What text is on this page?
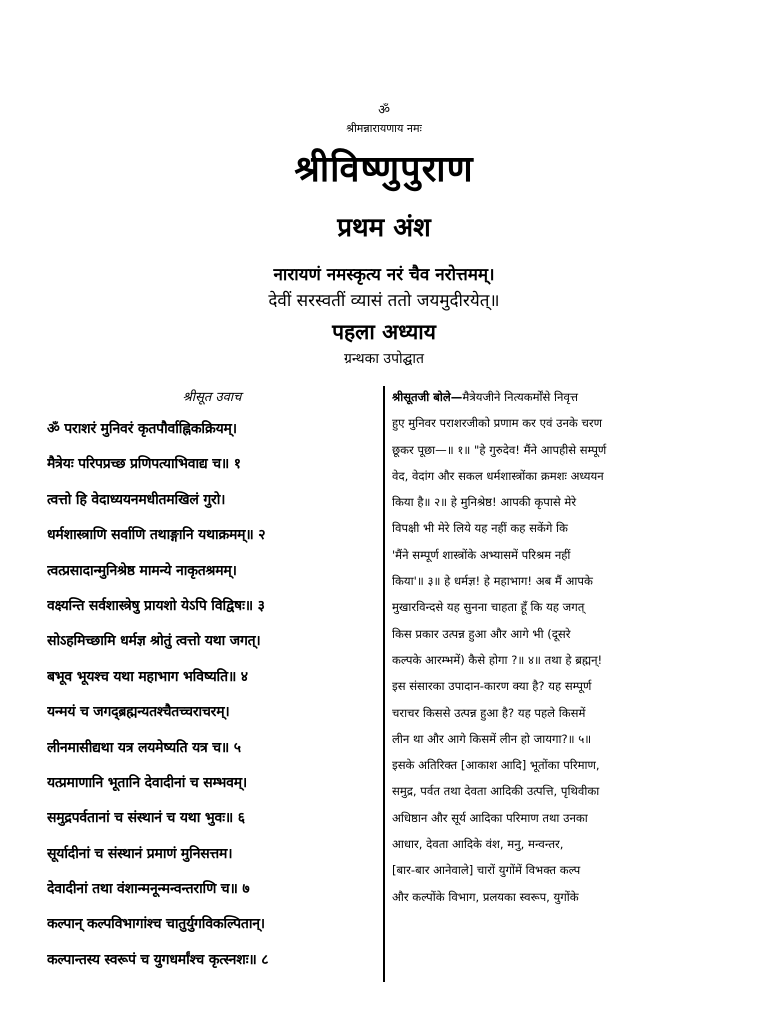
ॐ
श्रीमन्नारायणाय नमः
श्रीविष्णुपुराण
प्रथम अंश
नारायणं नमस्कृत्य नरं चैव नरोत्तमम्।
देवीं सरस्वतीं व्यासं ततो जयमुदीरयेत्॥
पहला अध्याय
ग्रन्थका उपोद्घात
श्रीसूत उवाच
ॐ पराशरं मुनिवरं कृतपौर्वाह्निकक्रियम्।
मैत्रेयः परिपप्रच्छ प्रणिपत्याभिवाद्य च॥ १
त्वत्तो हि वेदाध्ययनमधीतमखिलं गुरो।
धर्मशास्त्राणि सर्वाणि तथाङ्गानि यथाक्रमम्॥ २
त्वत्प्रसादान्मुनिश्रेष्ठ मामन्ये नाकृतश्रमम्।
वक्ष्यन्ति सर्वशास्त्रेषु प्रायशो येऽपि विद्विषः॥ ३
सोऽहमिच्छामि धर्मज्ञ श्रोतुं त्वत्तो यथा जगत्।
बभूव भूयश्च यथा महाभाग भविष्यति॥ ४
यन्मयं च जगद्ब्रह्मन्यतश्चैतच्चराचरम्।
लीनमासीद्यथा यत्र लयमेष्यति यत्र च॥ ५
यत्प्रमाणानि भूतानि देवादीनां च सम्भवम्।
समुद्रपर्वतानां च संस्थानं च यथा भुवः॥ ६
सूर्यादीनां च संस्थानं प्रमाणं मुनिसत्तम।
देवादीनां तथा वंशान्मनून्मन्वन्तराणि च॥ ७
कल्पान् कल्पविभागांश्च चातुर्युगविकल्पितान्।
कल्पान्तस्य स्वरूपं च युगधर्मांश्च कृत्स्नशः॥ ८
श्रीसूतजी बोले—मैत्रेयजीने नित्यकर्मोंसे निवृत्त
हुए मुनिवर पराशरजीको प्रणाम कर एवं उनके चरण
छूकर पूछा—॥ १॥ "हे गुरुदेव! मैंने आपहीसे सम्पूर्ण
वेद, वेदांग और सकल धर्मशास्त्रोंका क्रमशः अध्ययन
किया है॥ २॥ हे मुनिश्रेष्ठ! आपकी कृपासे मेरे
विपक्षी भी मेरे लिये यह नहीं कह सकेंगे कि
'मैंने सम्पूर्ण शास्त्रोंके अभ्यासमें परिश्रम नहीं
किया'॥ ३॥ हे धर्मज्ञ! हे महाभाग! अब मैं आपके
मुखारविन्दसे यह सुनना चाहता हूँ कि यह जगत्
किस प्रकार उत्पन्न हुआ और आगे भी (दूसरे
कल्पके आरम्भमें) कैसे होगा ?॥ ४॥ तथा हे ब्रह्मन्!
इस संसारका उपादान-कारण क्या है? यह सम्पूर्ण
चराचर किससे उत्पन्न हुआ है? यह पहले किसमें
लीन था और आगे किसमें लीन हो जायगा?॥ ५॥
इसके अतिरिक्त [आकाश आदि] भूतोंका परिमाण,
समुद्र, पर्वत तथा देवता आदिकी उत्पत्ति, पृथिवीका
अधिष्ठान और सूर्य आदिका परिमाण तथा उनका
आधार, देवता आदिके वंश, मनु, मन्वन्तर,
[बार-बार आनेवाले] चारों युगोंमें विभक्त कल्प
और कल्पोंके विभाग, प्रलयका स्वरूप, युगोंके
